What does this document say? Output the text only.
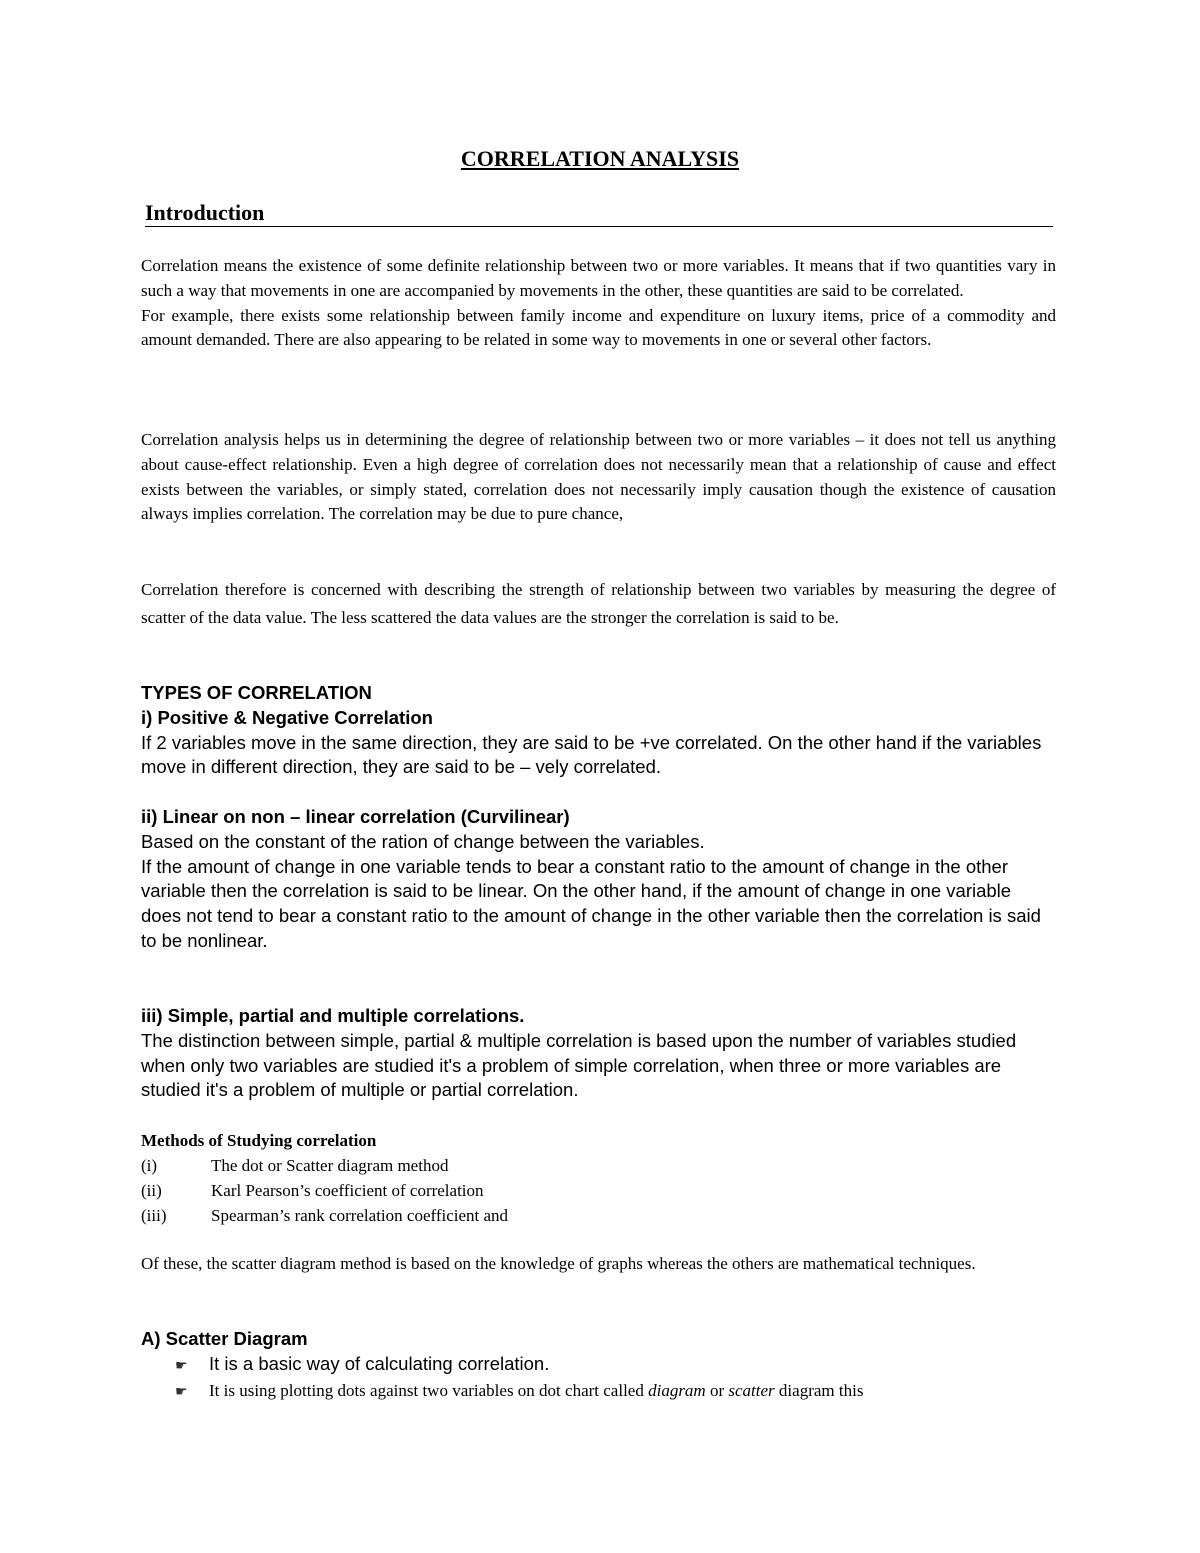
CORRELATION ANALYSIS
Introduction

Correlation means the existence of some definite relationship between two or more variables. It means that if two quantities vary in such a way that movements in one are accompanied by movements in the other, these quantities are said to be correlated.

For example, there exists some relationship between family income and expenditure on luxury items, price of a commodity and amount demanded. There are also appearing to be related in some way to movements in one or several other factors.

Correlation analysis helps us in determining the degree of relationship between two or more variables – it does not tell us anything about cause-effect relationship. Even a high degree of correlation does not necessarily mean that a relationship of cause and effect exists between the variables, or simply stated, correlation does not necessarily imply causation though the existence of causation always implies correlation. The correlation may be due to pure chance,
Correlation therefore is concerned with describing the strength of relationship between two variables by measuring the degree of scatter of the data value. The less scattered the data values are the stronger the correlation is said to be.

TYPES OF CORRELATION

i) Positive & Negative Correlation

If 2 variables move in the same direction, they are said to be +ve correlated. On the other hand if the variables move in different direction, they are said to be – vely correlated.

ii) Linear on non – linear correlation (Curvilinear)

Based on the constant of the ration of change between the variables.

If the amount of change in one variable tends to bear a constant ratio to the amount of change in the other variable then the correlation is said to be linear. On the other hand, if the amount of change in one variable does not tend to bear a constant ratio to the amount of change in the other variable then the correlation is said to be nonlinear.

iii) Simple, partial and multiple correlations.

The distinction between simple, partial & multiple correlation is based upon the number of variables studied when only two variables are studied it's a problem of simple correlation, when three or more variables are studied it's a problem of multiple or partial correlation.

Methods of Studying correlation

(i)	The dot or Scatter diagram method
(ii)	Karl Pearson’s coefficient of correlation
(iii)	Spearman’s rank correlation coefficient and
Of these, the scatter diagram method is based on the knowledge of graphs whereas the others are mathematical techniques.

A) Scatter Diagram

☛	It is a basic way of calculating correlation.
☛	It is using plotting dots against two variables on dot chart called diagram or scatter diagram this
